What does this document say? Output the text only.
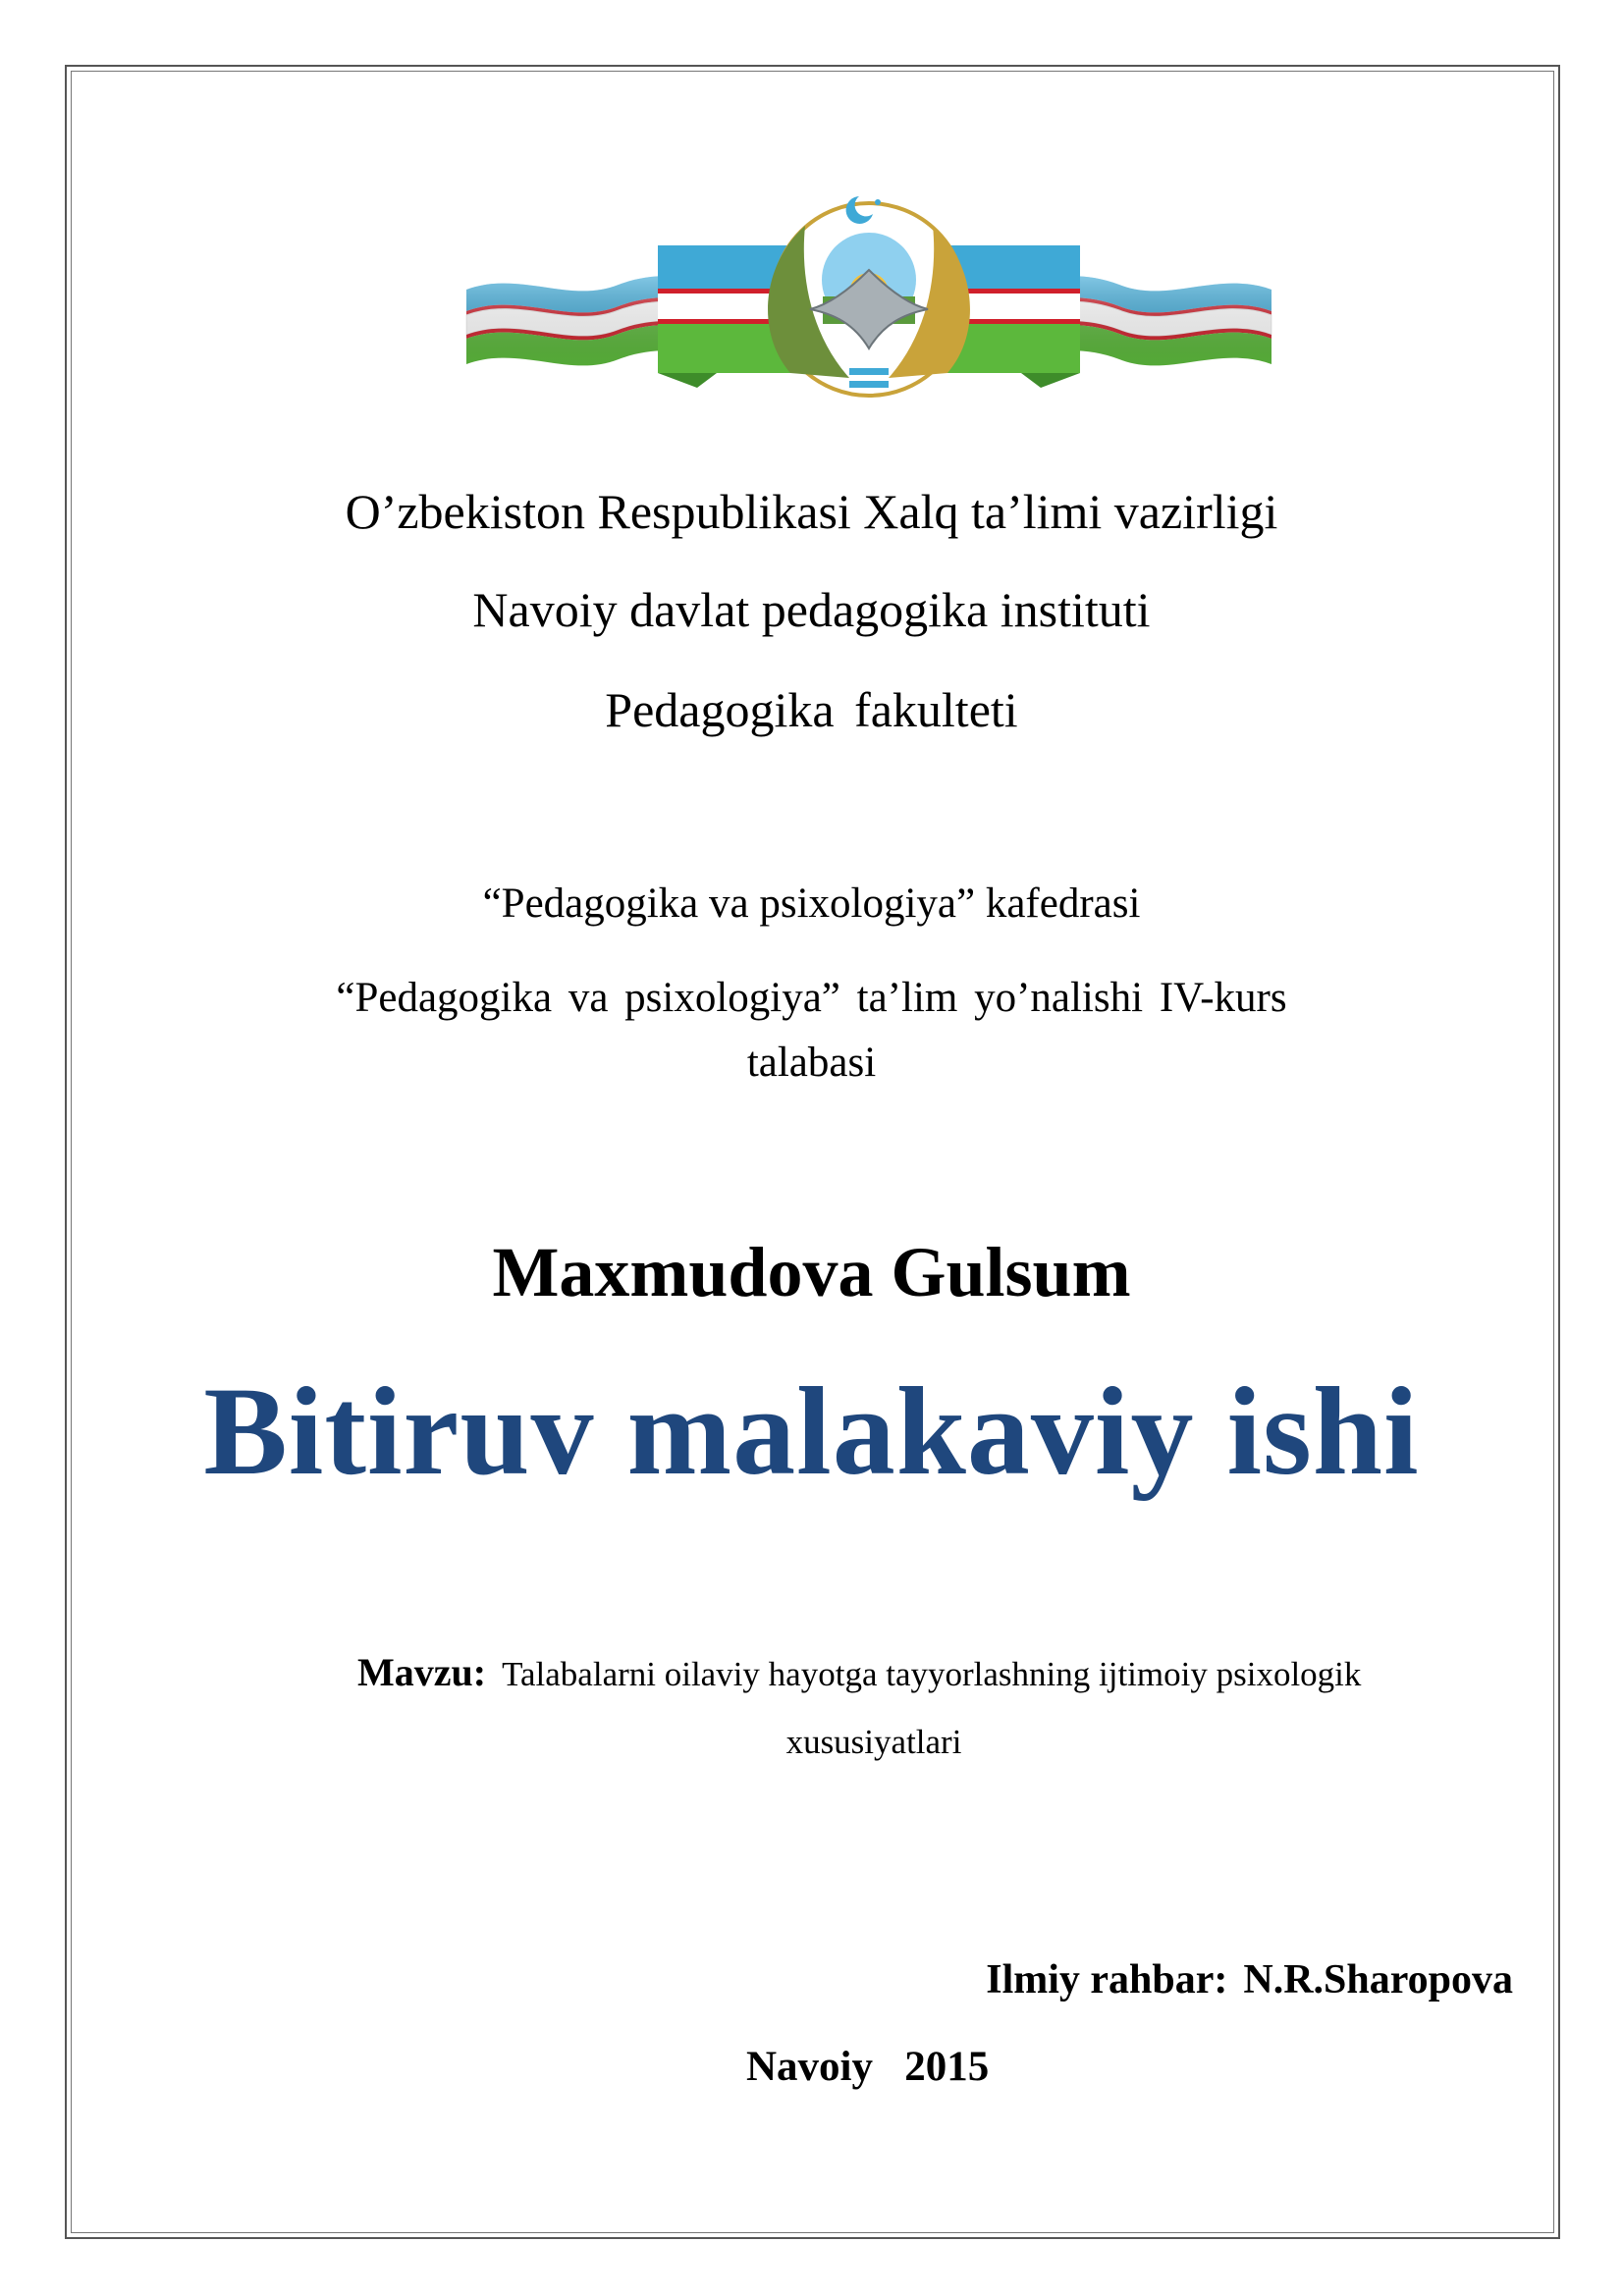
O’zbekiston Respublikasi Xalq ta’limi vazirligi
Navoiy davlat pedagogika instituti
Pedagogika fakulteti
“Pedagogika va psixologiya” kafedrasi
“Pedagogika va psixologiya” ta’lim yo’nalishi IV-kurs
talabasi
Maxmudova Gulsum
Bitiruv malakaviy ishi
Mavzu: Talabalarni oilaviy hayotga tayyorlashning ijtimoiy psixologik
xususiyatlari
Ilmiy rahbar: N.R.Sharopova
Navoiy 2015
